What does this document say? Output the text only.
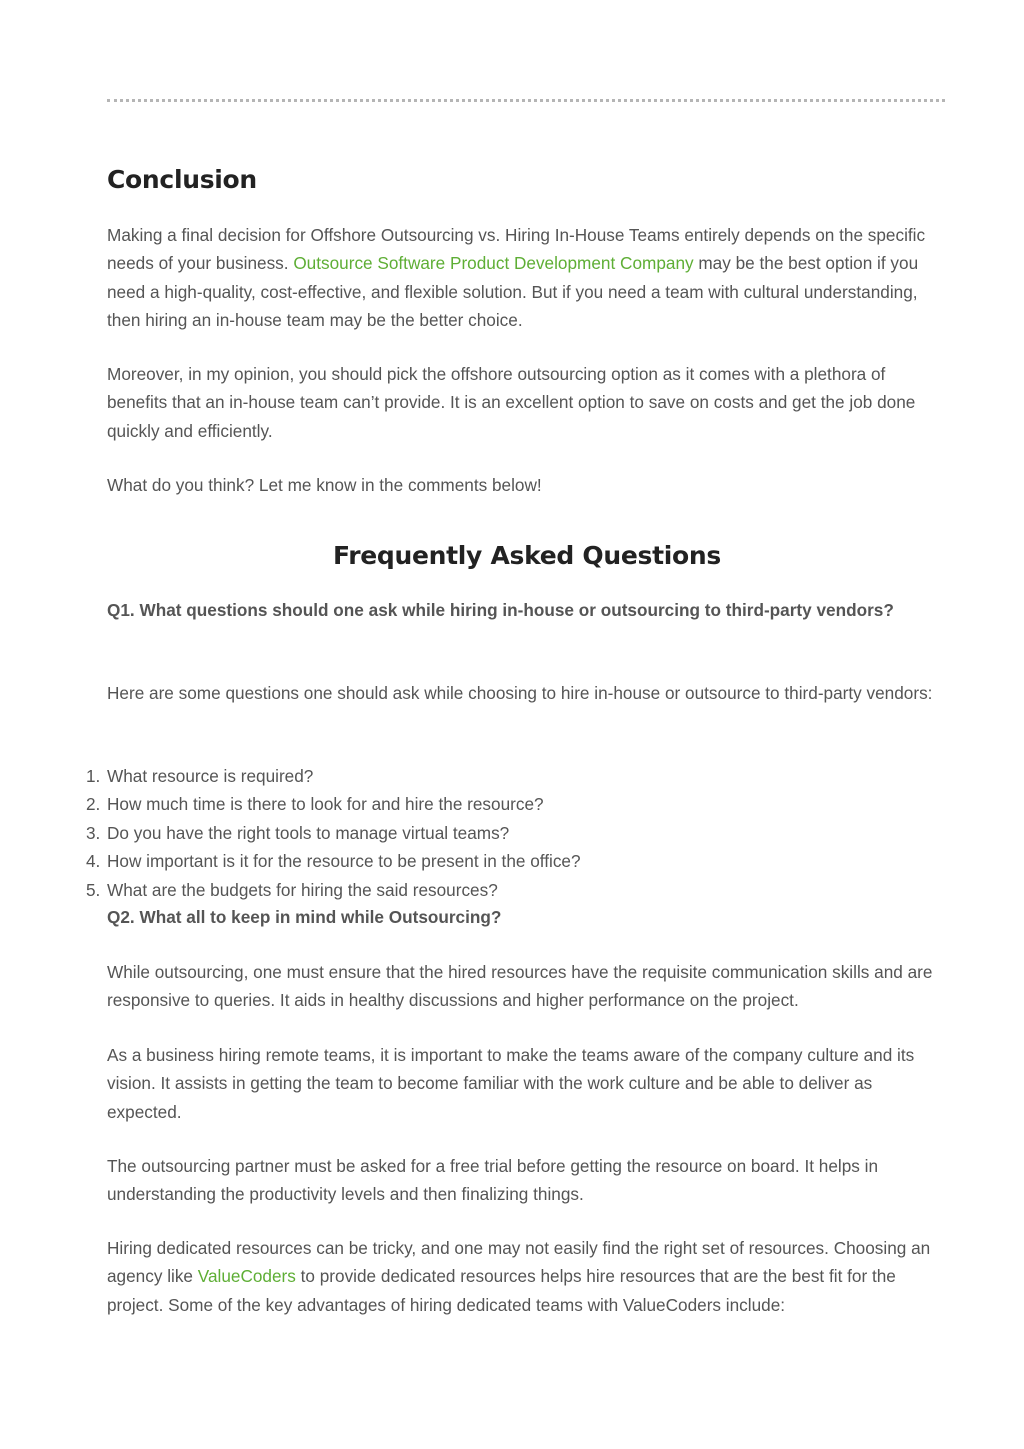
Conclusion

Making a final decision for Offshore Outsourcing vs. Hiring In-House Teams entirely depends on the specific needs of your business. Outsource Software Product Development Company may be the best option if you need a high-quality, cost-effective, and flexible solution. But if you need a team with cultural understanding, then hiring an in-house team may be the better choice.

Moreover, in my opinion, you should pick the offshore outsourcing option as it comes with a plethora of benefits that an in-house team can’t provide. It is an excellent option to save on costs and get the job done quickly and efficiently.

What do you think? Let me know in the comments below!

Frequently Asked Questions

Q1. What questions should one ask while hiring in-house or outsourcing to third-party vendors?

Here are some questions one should ask while choosing to hire in-house or outsource to third-party vendors:

1. What resource is required?
2. How much time is there to look for and hire the resource?
3. Do you have the right tools to manage virtual teams?
4. How important is it for the resource to be present in the office?
5. What are the budgets for hiring the said resources?

Q2. What all to keep in mind while Outsourcing?

While outsourcing, one must ensure that the hired resources have the requisite communication skills and are responsive to queries. It aids in healthy discussions and higher performance on the project.

As a business hiring remote teams, it is important to make the teams aware of the company culture and its vision. It assists in getting the team to become familiar with the work culture and be able to deliver as expected.

The outsourcing partner must be asked for a free trial before getting the resource on board. It helps in understanding the productivity levels and then finalizing things.

Hiring dedicated resources can be tricky, and one may not easily find the right set of resources. Choosing an agency like ValueCoders to provide dedicated resources helps hire resources that are the best fit for the project. Some of the key advantages of hiring dedicated teams with ValueCoders include:
